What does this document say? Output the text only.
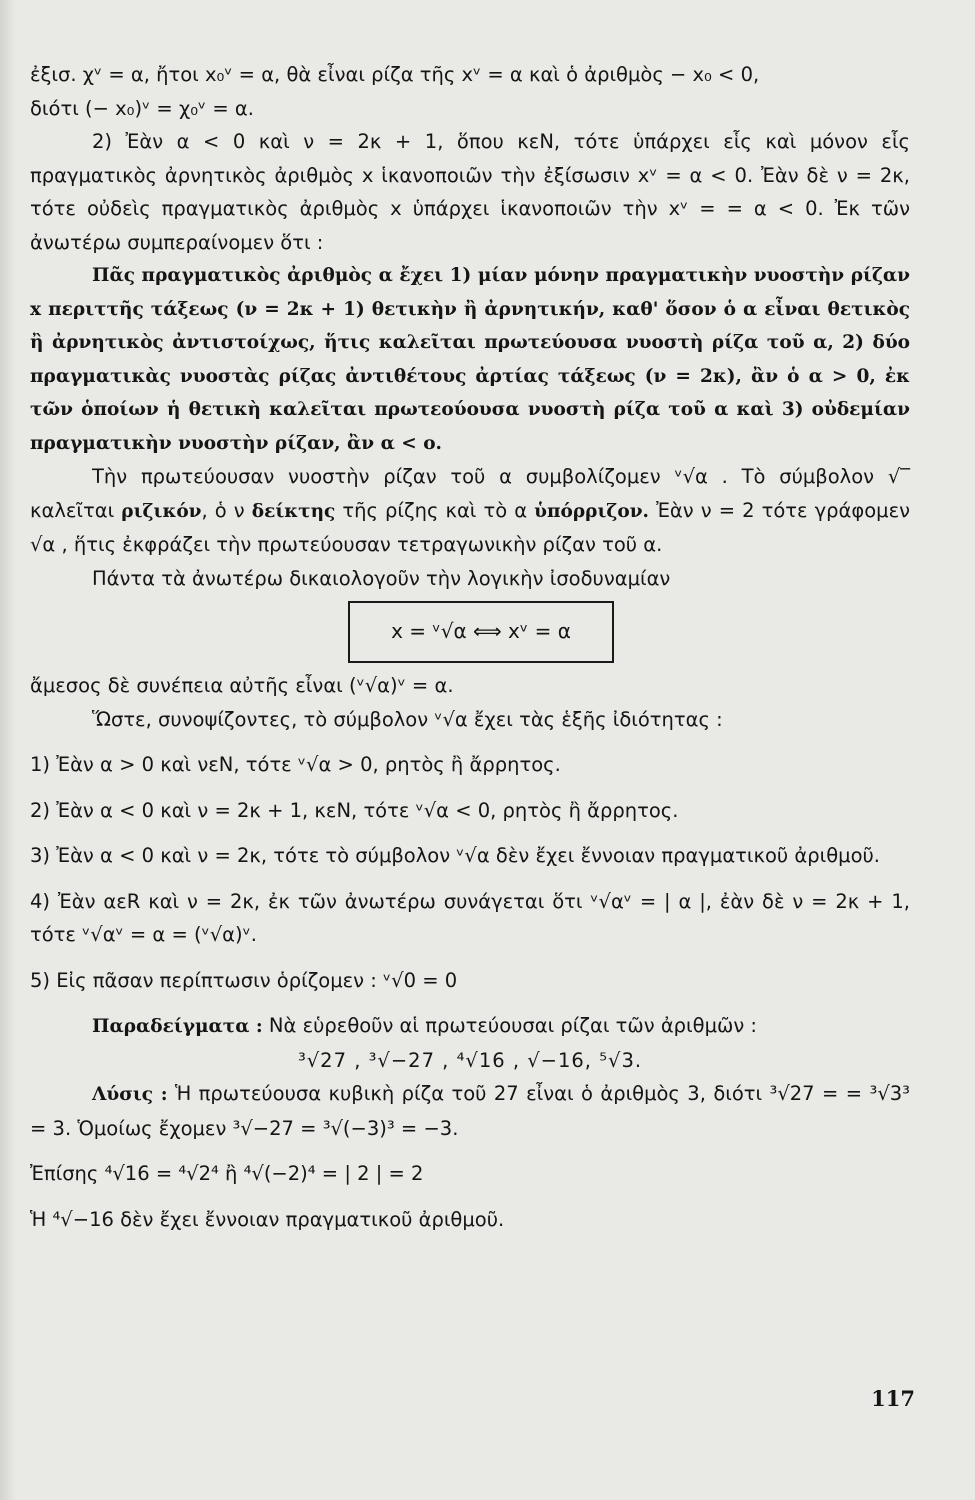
ἐξισ. χᵛ = α, ἤτοι x₀ᵛ = α, θὰ εἶναι ρίζα τῆς xᵛ = α καὶ ὁ ἀριθμὸς − x₀ < 0,

διότι (− x₀)ᵛ = χ₀ᵛ = α.

2) Ἐὰν α < 0 καὶ ν = 2κ + 1, ὅπου κεN, τότε ὑπάρχει εἷς καὶ μόνον εἷς πραγματικὸς ἀρνητικὸς ἀριθμὸς x ἱκανοποιῶν τὴν ἐξίσωσιν xᵛ = α < 0. Ἐὰν δὲ ν = 2κ, τότε οὐδεὶς πραγματικὸς ἀριθμὸς x ὑπάρχει ἱκανοποιῶν τὴν xᵛ = = α < 0. Ἐκ τῶν ἀνωτέρω συμπεραίνομεν ὅτι :

Πᾶς πραγματικὸς ἀριθμὸς α ἔχει 1) μίαν μόνην πραγματικὴν νυοστὴν ρίζαν x περιττῆς τάξεως (ν = 2κ + 1) θετικὴν ἢ ἀρνητικήν, καθ' ὅσον ὁ α εἶναι θετικὸς ἢ ἀρνητικὸς ἀντιστοίχως, ἥτις καλεῖται πρωτεύουσα νυοστὴ ρίζα τοῦ α, 2) δύο πραγματικὰς νυοστὰς ρίζας ἀντιθέτους ἀρτίας τάξεως (ν = 2κ), ἂν ὁ α > 0, ἐκ τῶν ὁποίων ἡ θετικὴ καλεῖται πρωτεούουσα νυοστὴ ρίζα τοῦ α καὶ 3) οὐδεμίαν πραγματικὴν νυοστὴν ρίζαν, ἂν α < ο.

Τὴν πρωτεύουσαν νυοστὴν ρίζαν τοῦ α συμβολίζομεν ᵛ√α . Τὸ σύμβολον √‾ καλεῖται ριζικόν, ὁ ν δείκτης τῆς ρίζης καὶ τὸ α ὑπόρριζον. Ἐὰν ν = 2 τότε γράφομεν √α , ἥτις ἐκφράζει τὴν πρωτεύουσαν τετραγωνικὴν ρίζαν τοῦ α.

Πάντα τὰ ἀνωτέρω δικαιολογοῦν τὴν λογικὴν ἰσοδυναμίαν

x = ᵛ√α ⟺ xᵛ = α

ἄμεσος δὲ συνέπεια αὐτῆς εἶναι (ᵛ√α)ᵛ = α.

Ὥστε, συνοψίζοντες, τὸ σύμβολον ᵛ√α ἔχει τὰς ἑξῆς ἰδιότητας :

1) Ἐὰν α > 0 καὶ νεN, τότε ᵛ√α > 0, ρητὸς ἢ ἄρρητος.

2) Ἐὰν α < 0 καὶ ν = 2κ + 1, κεN, τότε ᵛ√α < 0, ρητὸς ἢ ἄρρητος.

3) Ἐὰν α < 0 καὶ ν = 2κ, τότε τὸ σύμβολον ᵛ√α δὲν ἔχει ἔννοιαν πραγματικοῦ ἀριθμοῦ.

4) Ἐὰν αεR καὶ ν = 2κ, ἐκ τῶν ἀνωτέρω συνάγεται ὅτι ᵛ√αᵛ = | α |, ἐὰν δὲ ν = 2κ + 1, τότε ᵛ√αᵛ = α = (ᵛ√α)ᵛ.

5) Εἰς πᾶσαν περίπτωσιν ὁρίζομεν : ᵛ√0 = 0

Παραδείγματα : Νὰ εὑρεθοῦν αἱ πρωτεύουσαι ρίζαι τῶν ἀριθμῶν :

³√27 , ³√−27 , ⁴√16 , √−16, ⁵√3.

Λύσις : Ἡ πρωτεύουσα κυβικὴ ρίζα τοῦ 27 εἶναι ὁ ἀριθμὸς 3, διότι ³√27 = = ³√3³ = 3. Ὁμοίως ἔχομεν ³√−27 = ³√(−3)³ = −3.

Ἐπίσης ⁴√16 = ⁴√2⁴ ἢ ⁴√(−2)⁴ = | 2 | = 2

Ἡ ⁴√−16 δὲν ἔχει ἔννοιαν πραγματικοῦ ἀριθμοῦ.

117
